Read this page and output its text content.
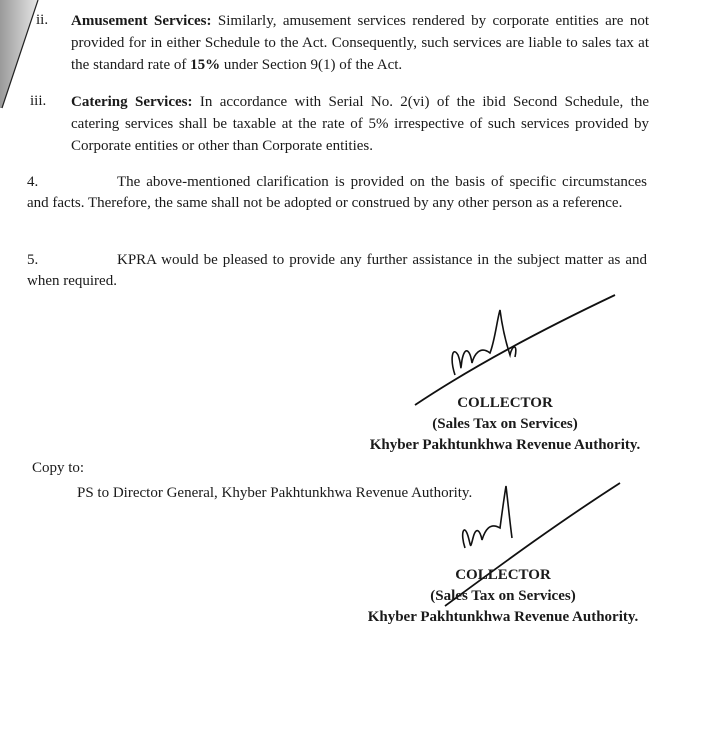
ii. Amusement Services: Similarly, amusement services rendered by corporate entities are not provided for in either Schedule to the Act. Consequently, such services are liable to sales tax at the standard rate of 15% under Section 9(1) of the Act.
iii. Catering Services: In accordance with Serial No. 2(vi) of the ibid Second Schedule, the catering services shall be taxable at the rate of 5% irrespective of such services provided by Corporate entities or other than Corporate entities.
4.	The above-mentioned clarification is provided on the basis of specific circumstances and facts. Therefore, the same shall not be adopted or construed by any other person as a reference.
5.	KPRA would be pleased to provide any further assistance in the subject matter as and when required.
COLLECTOR
(Sales Tax on Services)
Khyber Pakhtunkhwa Revenue Authority.
Copy to:
PS to Director General, Khyber Pakhtunkhwa Revenue Authority.
COLLECTOR
(Sales Tax on Services)
Khyber Pakhtunkhwa Revenue Authority.
